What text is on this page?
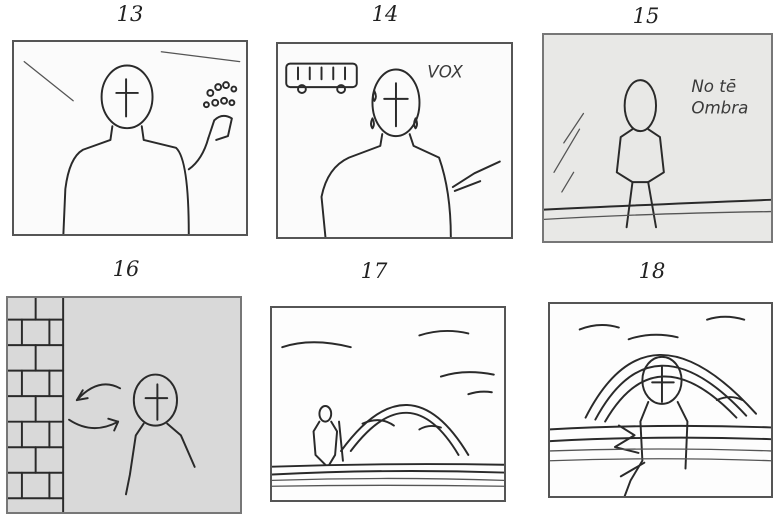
13	14	15
16	17	18
VOX
No tē
Ombra
